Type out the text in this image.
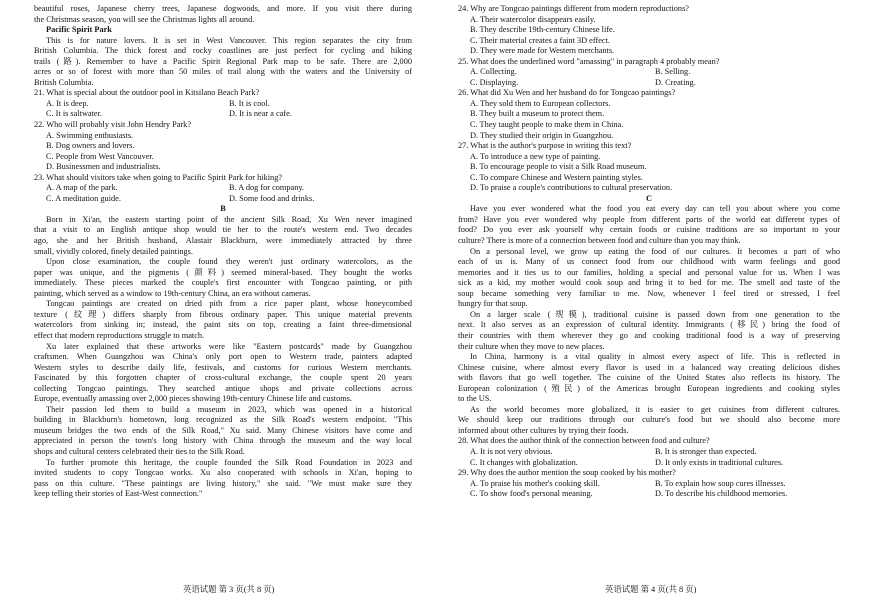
beautiful roses, Japanese cherry trees, Japanese dogwoods, and more. If you visit there during
the Christmas season, you will see the Christmas lights all around.
Pacific Spirit Park
This is for nature lovers. It is set in West Vancouver. This region separates the city from
British Columbia. The thick forest and rocky coastlines are just perfect for cycling and hiking
trails (路). Remember to have a Pacific Spirit Regional Park map to be safe. There are 2,000
acres or so of forest with more than 50 miles of trail along with the waters and the University of
British Columbia.
21. What is special about the outdoor pool in Kitsilano Beach Park?
A. It is deep.	B. It is cool.
C. It is saltwater.	D. It is near a cafe.
22. Who will probably visit John Hendry Park?
A. Swimming enthusiasts.
B. Dog owners and lovers.
C. People from West Vancouver.
D. Businessmen and industrialists.
23. What should visitors take when going to Pacific Spirit Park for hiking?
A. A map of the park.	B. A dog for company.
C. A meditation guide.	D. Some food and drinks.
B
Born in Xi'an, the eastern starting point of the ancient Silk Road, Xu Wen never imagined
that a visit to an English antique shop would tie her to the route's western end. Two decades
ago, she and her British husband, Alastair Blackburn, were immediately attracted by three
small, vividly colored, finely detailed paintings.
Upon close examination, the couple found they weren't just ordinary watercolors, as the
paper was unique, and the pigments (颜料) seemed mineral-based. They bought the works
immediately. These pieces marked the couple's first encounter with Tongcao painting, or pith
painting, which served as a window to 19th-century China, an era without cameras.
Tongcao paintings are created on dried pith from a rice paper plant, whose honeycombed
texture (纹理) differs sharply from fibrous ordinary paper. This unique material prevents
watercolors from sinking in; instead, the paint sits on top, creating a faint three-dimensional
effect that modern reproductions struggle to match.
Xu later explained that these artworks were like "Eastern postcards" made by Guangzhou
craftsmen. When Guangzhou was China's only port open to Western trade, painters adapted
Western styles to describe daily life, festivals, and customs for curious Western merchants.
Fascinated by this forgotten chapter of cross-cultural exchange, the couple spent 20 years
collecting Tongcao paintings. They searched antique shops and private collections across
Europe, eventually amassing over 2,000 pieces showing 19th-century Chinese life and customs.
Their passion led them to build a museum in 2023, which was opened in a historical
building in Blackburn's hometown, long recognized as the Silk Road's western endpoint. "This
museum bridges the two ends of the Silk Road," Xu said. Many Chinese visitors have come and
appreciated in person the town's long history with China through the museum and the way local
shops and cultural centers celebrated their ties to the Silk Road.
To further promote this heritage, the couple founded the Silk Road Foundation in 2023 and
invited students to copy Tongcao works. Xu also cooperated with schools in Xi'an, hoping to
pass on this culture. "These paintings are living history," she said. "We must make sure they
keep telling their stories of East-West connection."
24. Why are Tongcao paintings different from modern reproductions?
A. Their watercolor disappears easily.
B. They describe 19th-century Chinese life.
C. Their material creates a faint 3D effect.
D. They were made for Western merchants.
25. What does the underlined word "amassing" in paragraph 4 probably mean?
A. Collecting.	B. Selling.
C. Displaying.	D. Creating.
26. What did Xu Wen and her husband do for Tongcao paintings?
A. They sold them to European collectors.
B. They built a museum to protect them.
C. They taught people to make them in China.
D. They studied their origin in Guangzhou.
27. What is the author's purpose in writing this text?
A. To introduce a new type of painting.
B. To encourage people to visit a Silk Road museum.
C. To compare Chinese and Western painting styles.
D. To praise a couple's contributions to cultural preservation.
C
Have you ever wondered what the food you eat every day can tell you about where you come
from? Have you ever wondered why people from different parts of the world eat different types of
food? Do you ever ask yourself why certain foods or cuisine traditions are so important to your
culture? There is more of a connection between food and culture than you may think.
On a personal level, we grow up eating the food of our cultures. It becomes a part of who
each of us is. Many of us connect food from our childhood with warm feelings and good
memories and it ties us to our families, holding a special and personal value for us. When I was
sick as a kid, my mother would cook soup and bring it to bed for me. The smell and taste of the
soup became something very familiar to me. Now, whenever I feel tired or stressed, I feel
hungry for that soup.
On a larger scale (规模), traditional cuisine is passed down from one generation to the
next. It also serves as an expression of cultural identity. Immigrants (移民) bring the food of
their countries with them wherever they go and cooking traditional food is a way of preserving
their culture when they move to new places.
In China, harmony is a vital quality in almost every aspect of life. This is reflected in
Chinese cuisine, where almost every flavor is used in a balanced way creating delicious dishes
with flavors that go well together. The cuisine of the United States also reflects its history. The
European colonization (殖民) of the Americas brought European ingredients and cooking styles
to the US.
As the world becomes more globalized, it is easier to get cuisines from different cultures.
We should keep our traditions through our culture's food but we should also become more
informed about other cultures by trying their foods.
28. What does the author think of the connection between food and culture?
A. It is not very obvious.	B. It is stronger than expected.
C. It changes with globalization.	D. It only exists in traditional cultures.
29. Why does the author mention the soup cooked by his mother?
A. To praise his mother's cooking skill.	B. To explain how soup cures illnesses.
C. To show food's personal meaning.	D. To describe his childhood memories.
英语试题 第 3 页(共 8 页)	英语试题 第 4 页(共 8 页)
